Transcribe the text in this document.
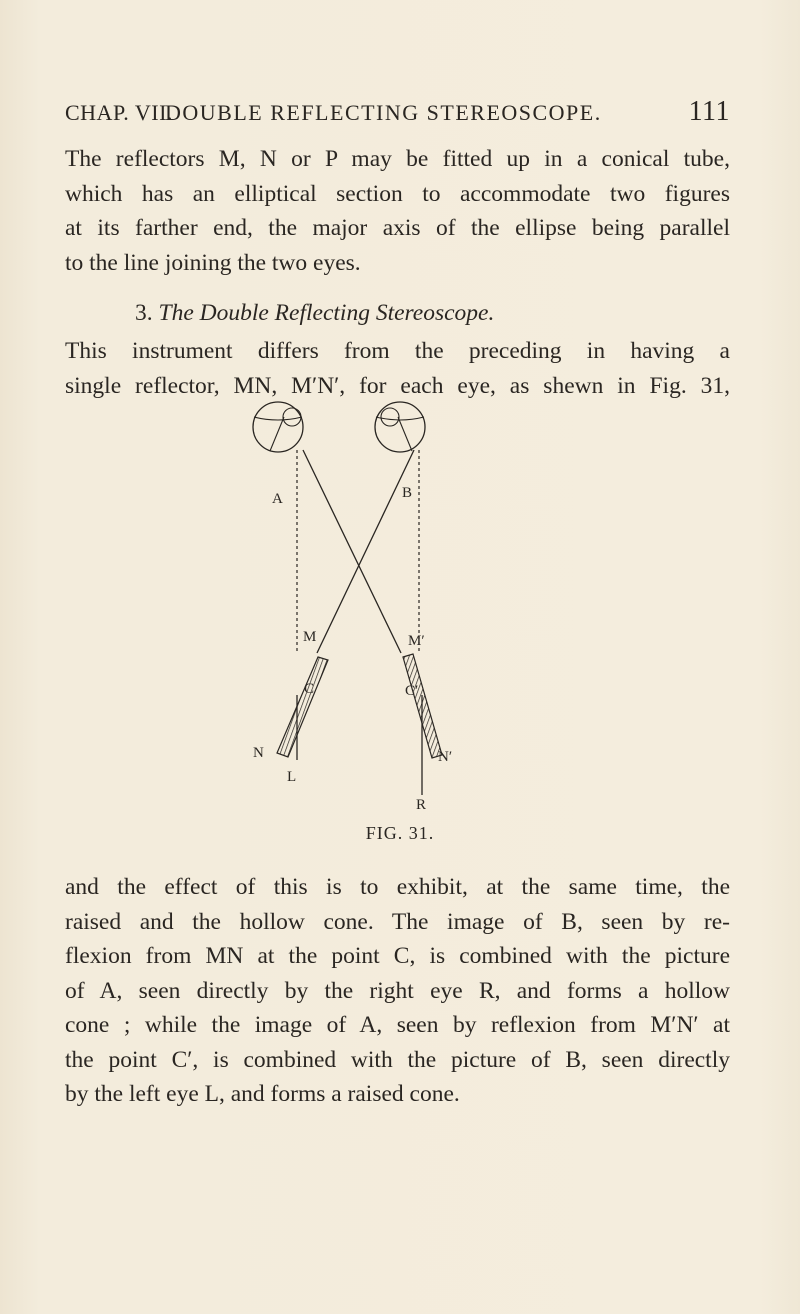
CHAP. VII.
DOUBLE REFLECTING STEREOSCOPE.	111
The reflectors M, N or P may be fitted up in a conical tube,
which has an elliptical section to accommodate two figures
at its farther end, the major axis of the ellipse being parallel
to the line joining the two eyes.
3. The Double Reflecting Stereoscope.
This instrument differs from the preceding in having a
single reflector, MN, M′N′, for each eye, as shewn in Fig. 31,
A	B
M	M′
C	C′
N	N′
L
R
FIG. 31.
and the effect of this is to exhibit, at the same time, the
raised and the hollow cone. The image of B, seen by re-
flexion from MN at the point C, is combined with the picture
of A, seen directly by the right eye R, and forms a hollow
cone ; while the image of A, seen by reflexion from M′N′ at
the point C′, is combined with the picture of B, seen directly
by the left eye L, and forms a raised cone.
